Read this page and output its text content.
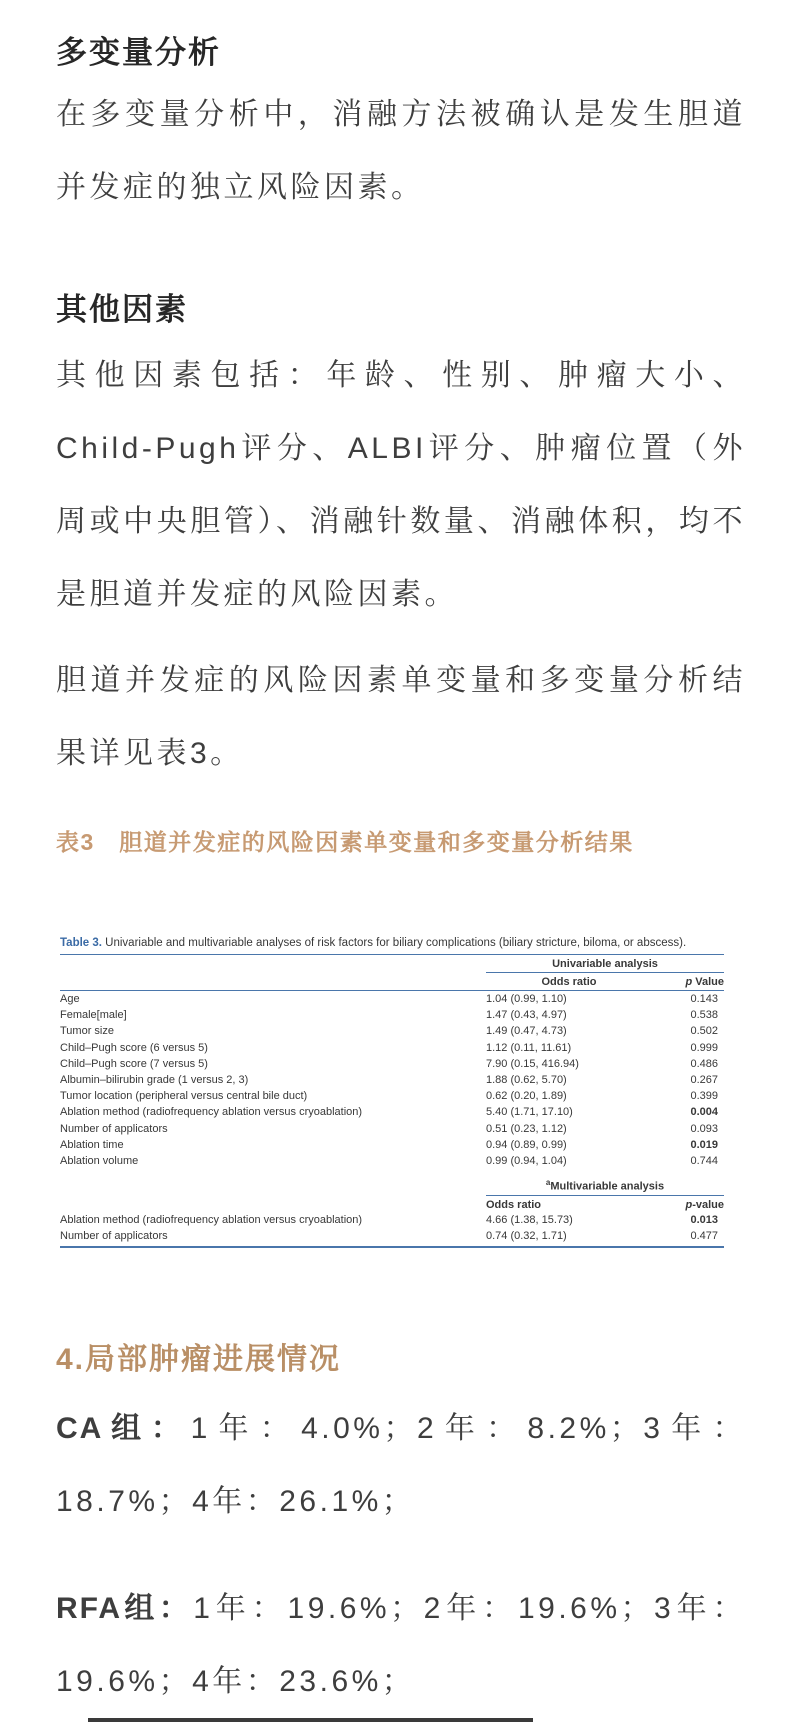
多变量分析

在多变量分析中，消融方法被确认是发生胆道并发症的独立风险因素。

其他因素

其他因素包括：年龄、性别、肿瘤大小、Child-Pugh评分、ALBI评分、肿瘤位置（外周或中央胆管）、消融针数量、消融体积，均不是胆道并发症的风险因素。

胆道并发症的风险因素单变量和多变量分析结果详见表3。

表3　胆道并发症的风险因素单变量和多变量分析结果
Table 3. Univariable and multivariable analyses of risk factors for biliary complications (biliary stricture, biloma, or abscess).
Univariable analysis
Odds ratio	p Value
Age	1.04 (0.99, 1.10)	0.143
Female[male]	1.47 (0.43, 4.97)	0.538
Tumor size	1.49 (0.47, 4.73)	0.502
Child–Pugh score (6 versus 5)	1.12 (0.11, 11.61)	0.999
Child–Pugh score (7 versus 5)	7.90 (0.15, 416.94)	0.486
Albumin–bilirubin grade (1 versus 2, 3)	1.88 (0.62, 5.70)	0.267
Tumor location (peripheral versus central bile duct)	0.62 (0.20, 1.89)	0.399
Ablation method (radiofrequency ablation versus cryoablation)	5.40 (1.71, 17.10)	0.004
Number of applicators	0.51 (0.23, 1.12)	0.093
Ablation time	0.94 (0.89, 0.99)	0.019
Ablation volume	0.99 (0.94, 1.04)	0.744
$^a$Multivariable analysis
Odds ratio	p-value
Ablation method (radiofrequency ablation versus cryoablation)	4.66 (1.38, 15.73)	0.013
Number of applicators	0.74 (0.32, 1.71)	0.477
4.局部肿瘤进展情况

CA组：1年：4.0%；2年：8.2%；3年：18.7%；4年：26.1%；

RFA组：1年：19.6%；2年：19.6%；3年：19.6%；4年：23.6%；
